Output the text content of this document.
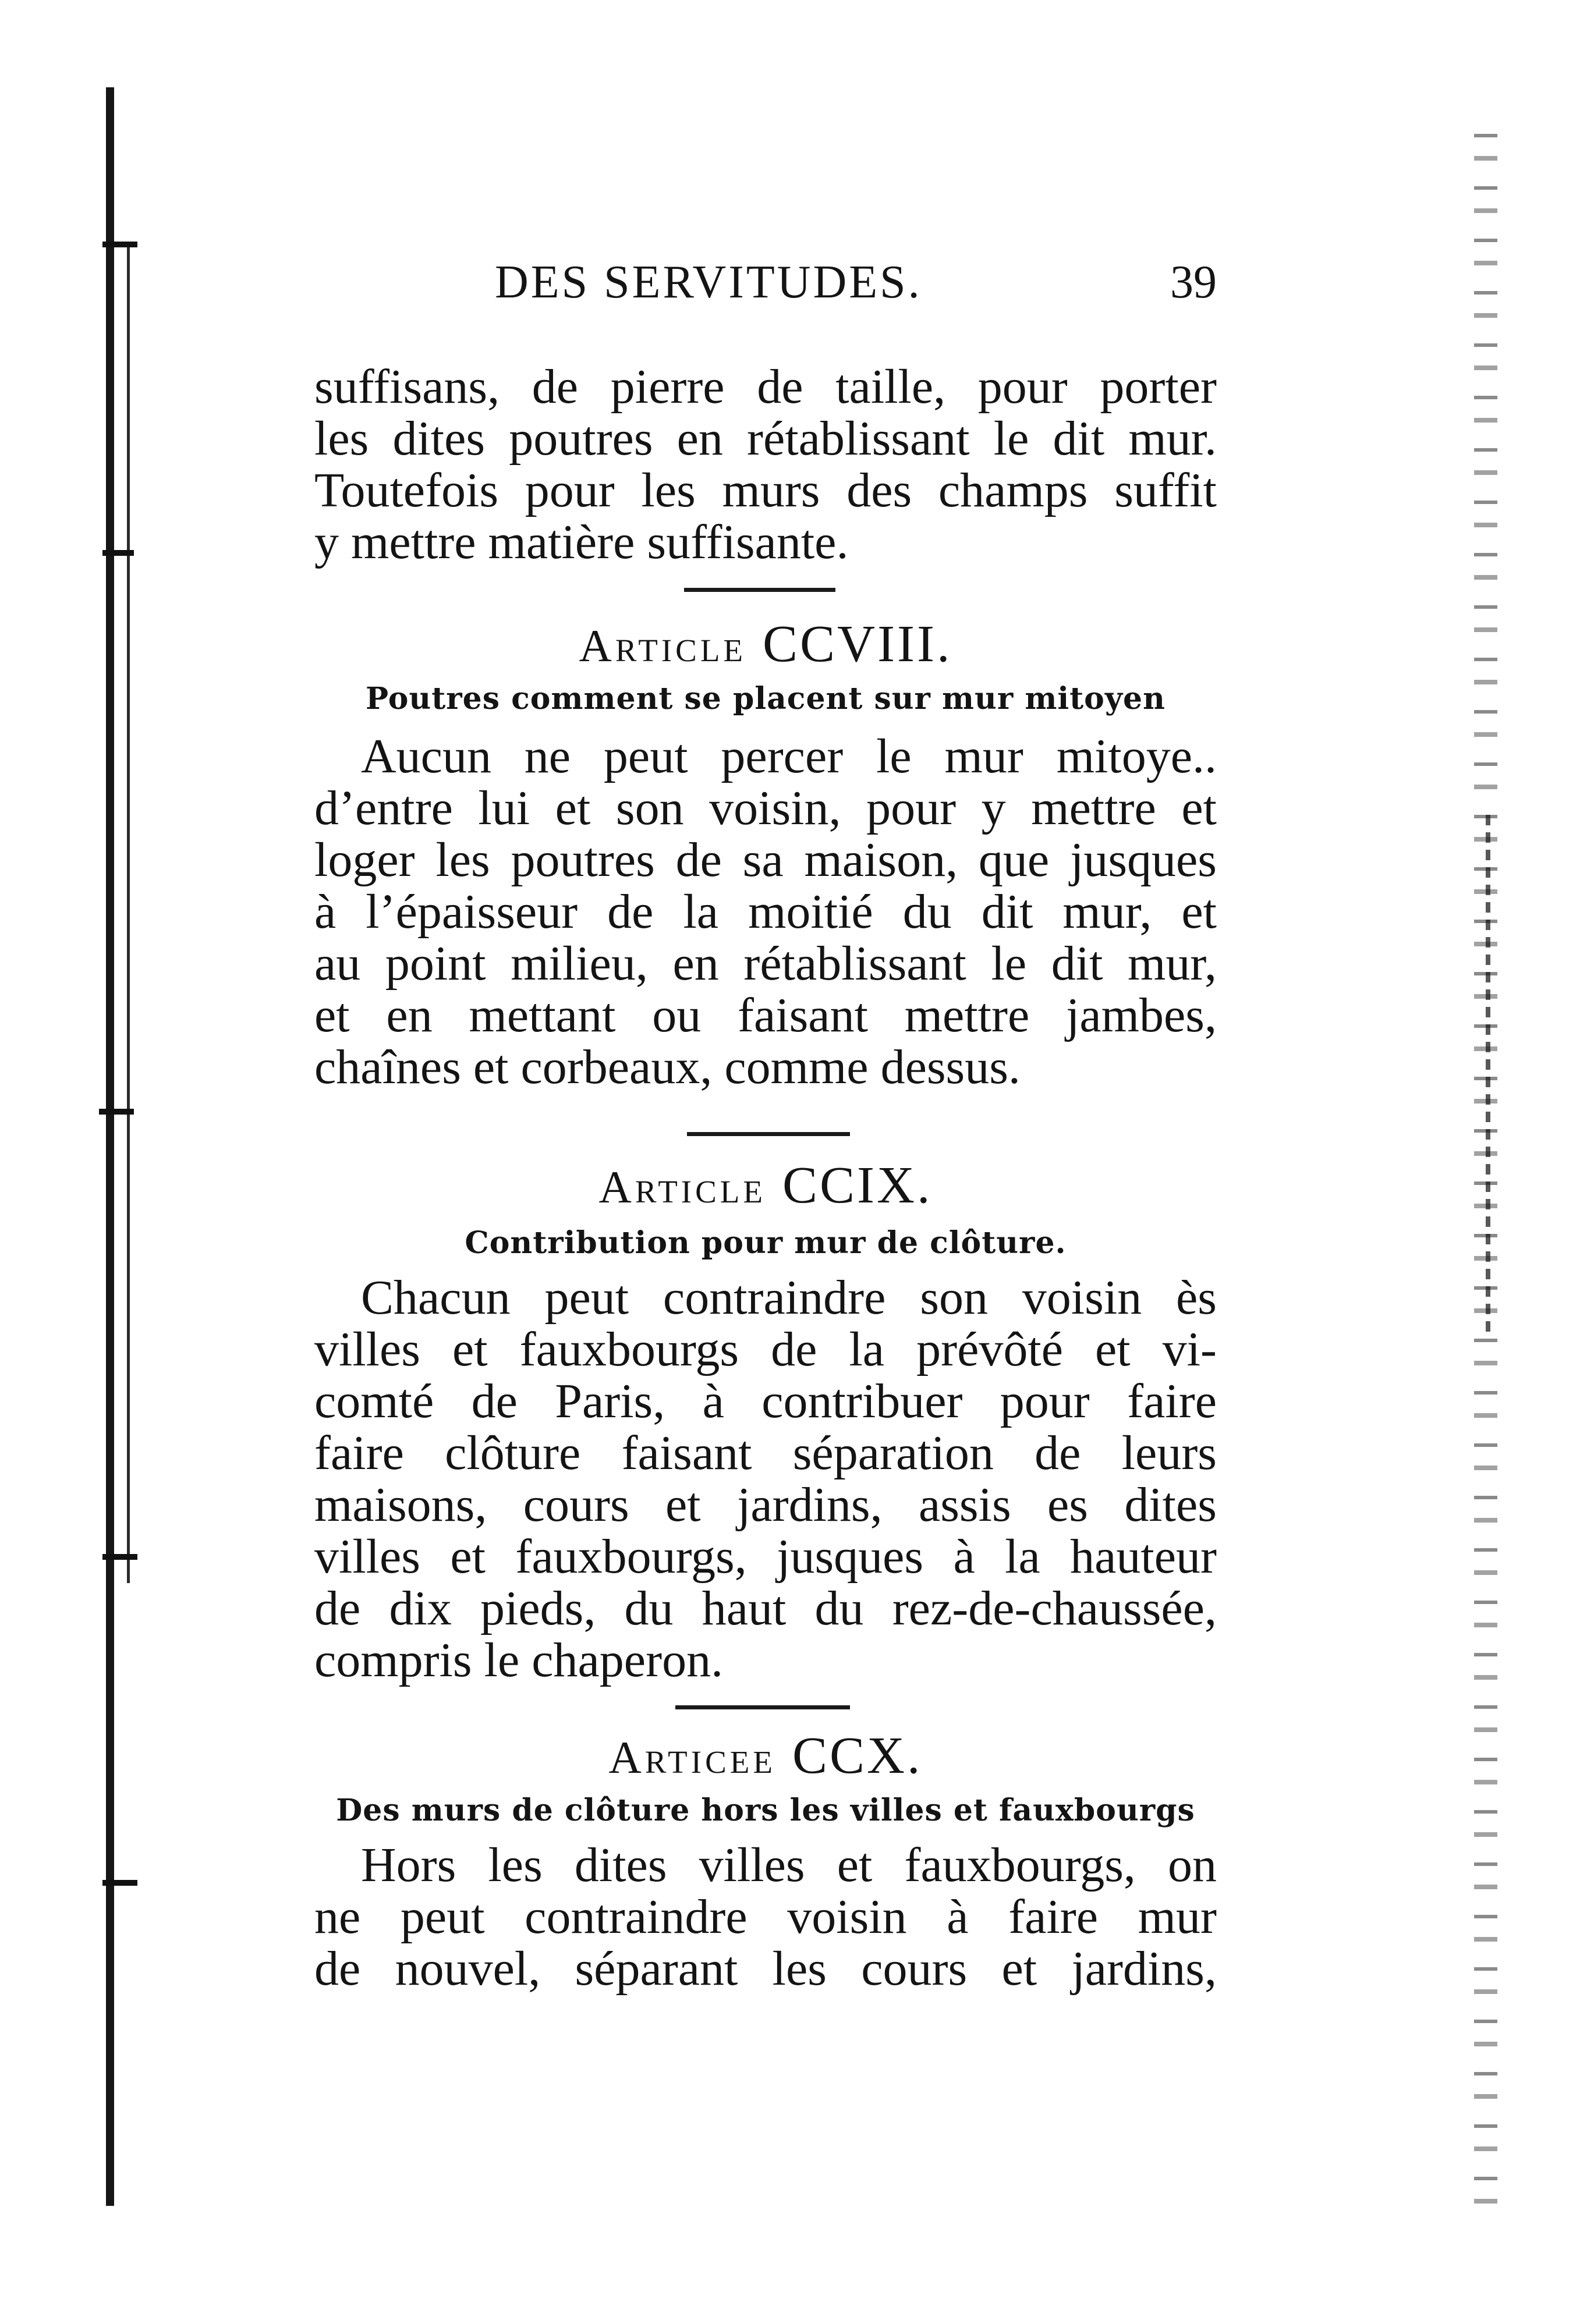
DES SERVITUDES.	39
suffisans, de pierre de taille, pour porter
les dites poutres en rétablissant le dit mur.
Toutefois pour les murs des champs suffit
y mettre matière suffisante.
Article CCVIII.
Poutres comment se placent sur mur mitoyen
Aucun ne peut percer le mur mitoye..
d’entre lui et son voisin, pour y mettre et
loger les poutres de sa maison, que jusques
à l’épaisseur de la moitié du dit mur, et
au point milieu, en rétablissant le dit mur,
et en mettant ou faisant mettre jambes,
chaînes et corbeaux, comme dessus.
Article CCIX.
Contribution pour mur de clôture.
Chacun peut contraindre son voisin ès
villes et fauxbourgs de la prévôté et vi-
comté de Paris, à contribuer pour faire
faire clôture faisant séparation de leurs
maisons, cours et jardins, assis es dites
villes et fauxbourgs, jusques à la hauteur
de dix pieds, du haut du rez-de-chaussée,
compris le chaperon.
Articee CCX.
Des murs de clôture hors les villes et fauxbourgs
Hors les dites villes et fauxbourgs, on
ne peut contraindre voisin à faire mur
de nouvel, séparant les cours et jardins,
